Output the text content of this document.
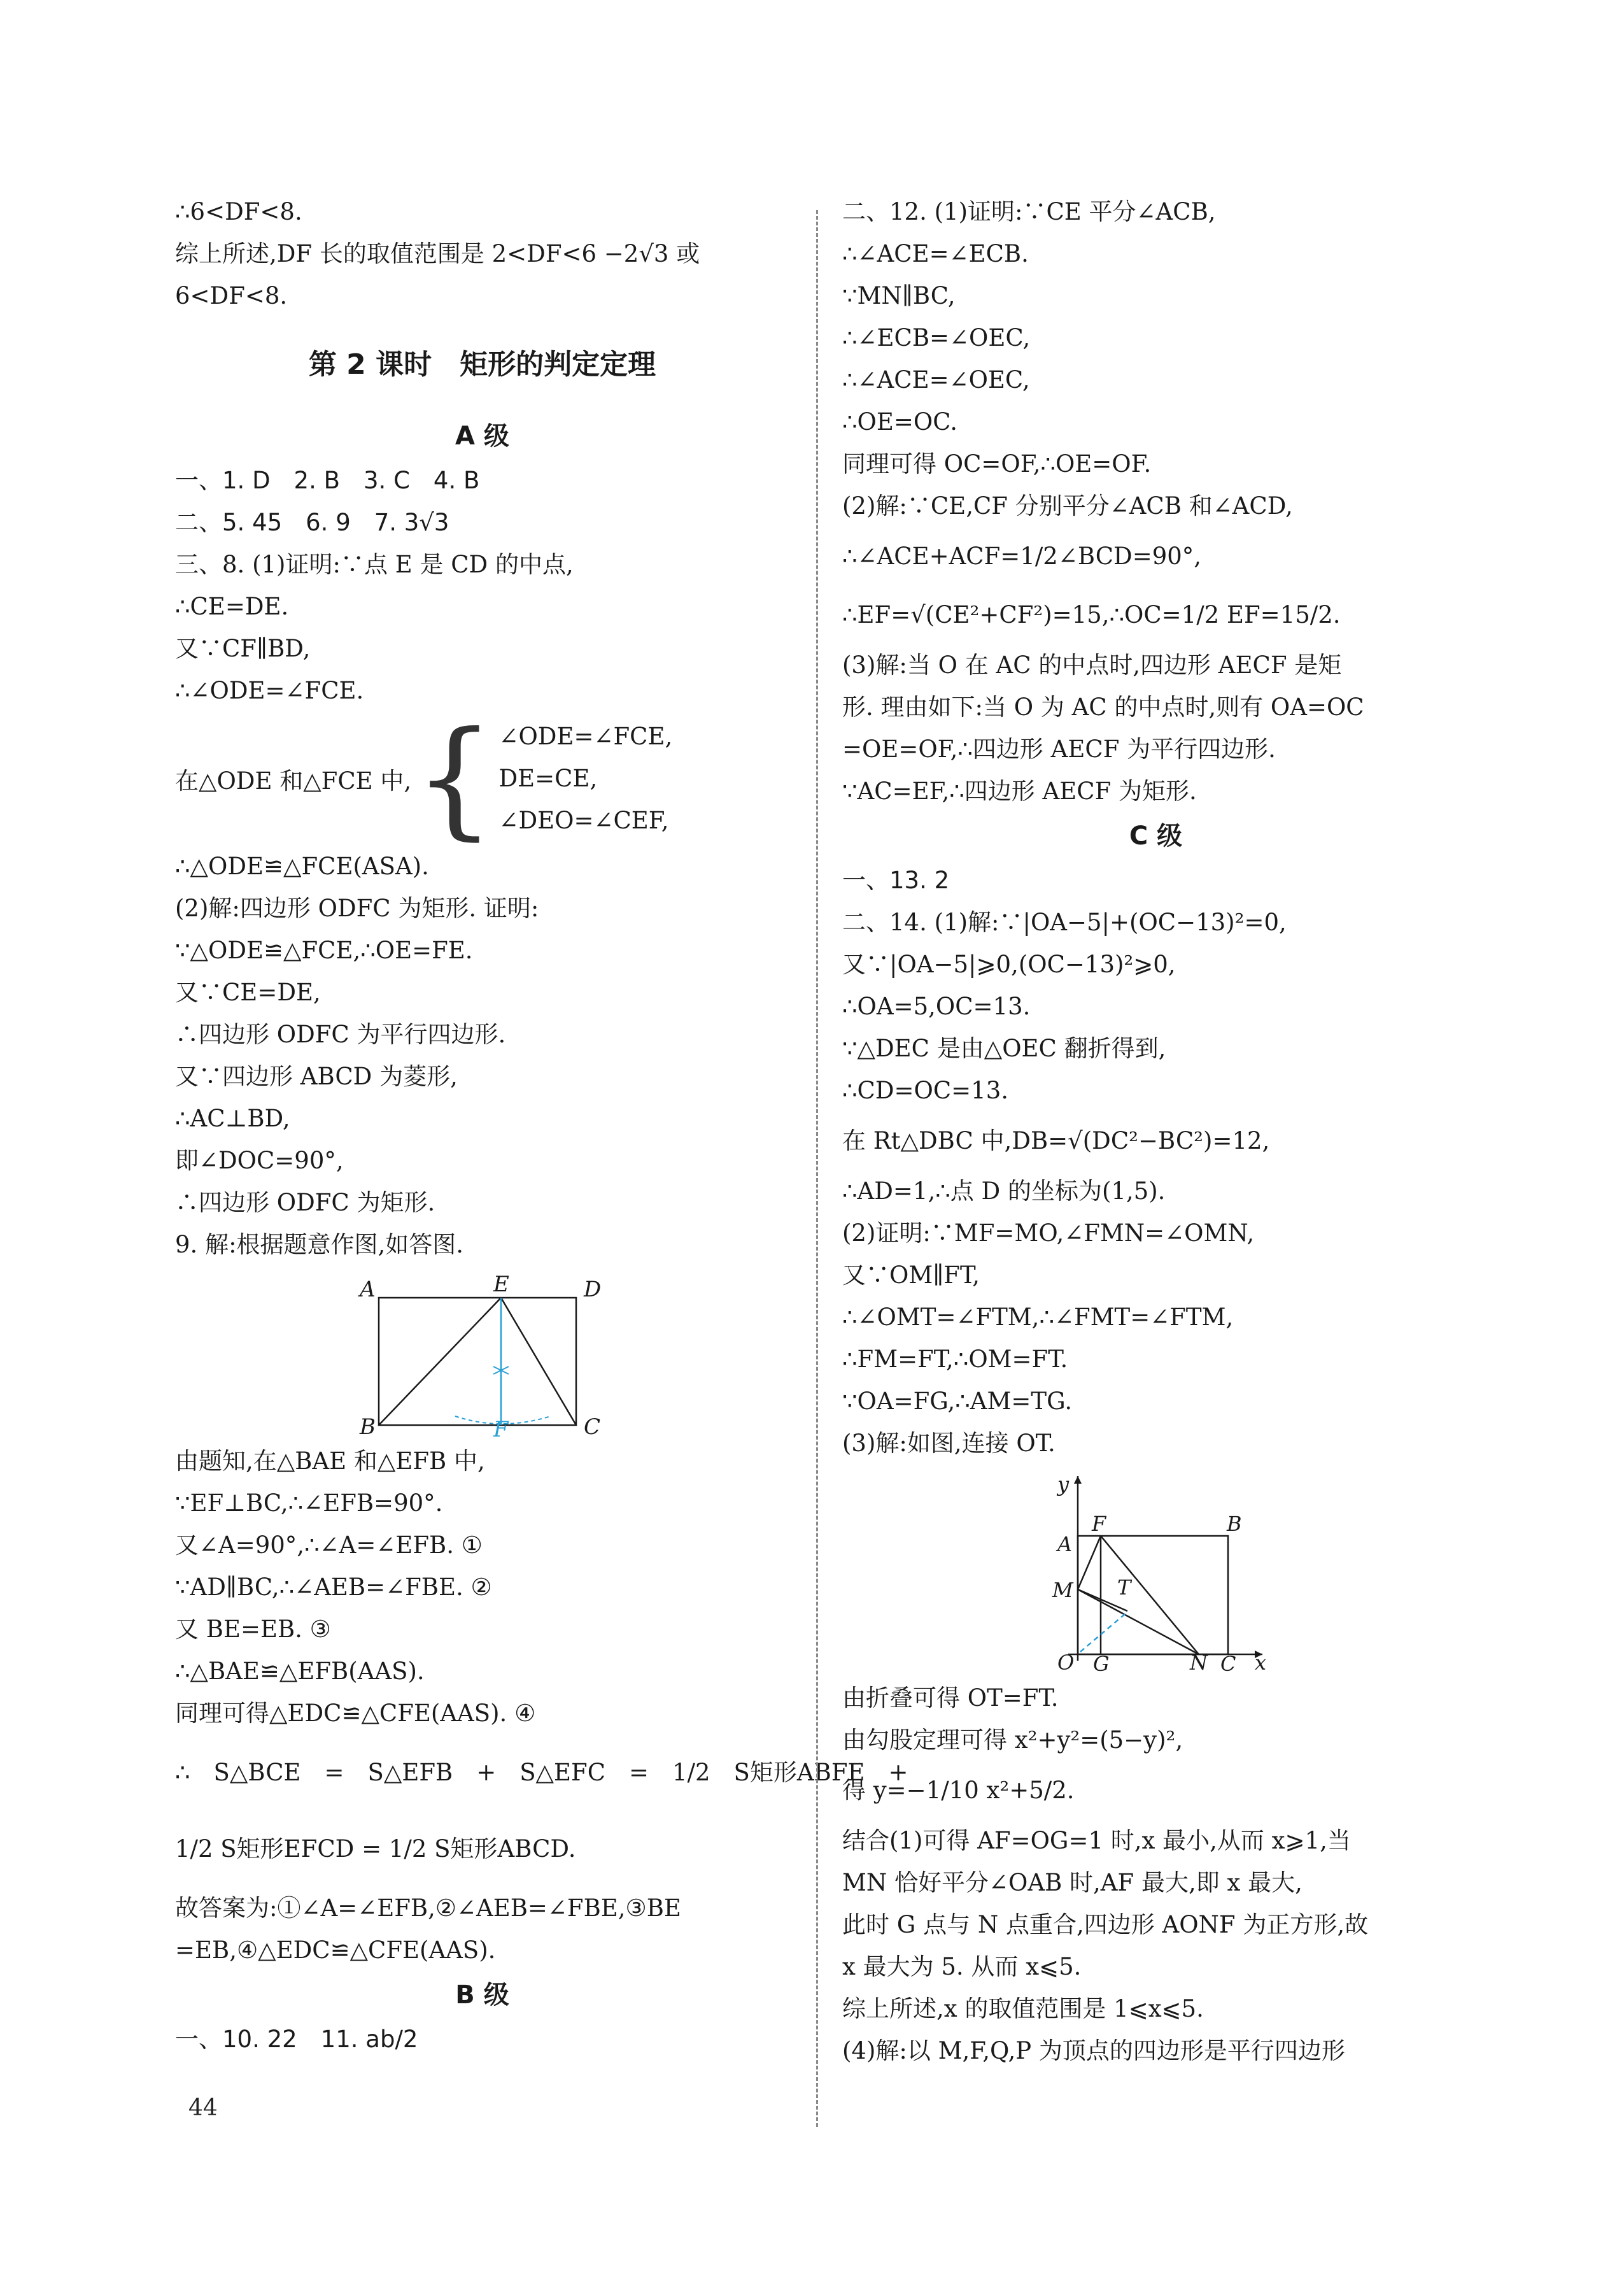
∴6<DF<8.
综上所述,DF 长的取值范围是 2<DF<6 −2√3 或
6<DF<8.
第 2 课时　矩形的判定定理
A 级
一、1. D　2. B　3. C　4. B
二、5. 45　6. 9　7. 3√3
三、8. (1)证明:∵点 E 是 CD 的中点,
∴CE=DE.
又∵CF∥BD,
∴∠ODE=∠FCE.
在△ODE 和△FCE 中, { ∠ODE=∠FCE,
DE=CE,
∠DEO=∠CEF,
∴△ODE≌△FCE(ASA).
(2)解:四边形 ODFC 为矩形. 证明:
∵△ODE≌△FCE,∴OE=FE.
又∵CE=DE,
∴四边形 ODFC 为平行四边形.
又∵四边形 ABCD 为菱形,
∴AC⊥BD,
即∠DOC=90°,
∴四边形 ODFC 为矩形.
9. 解:根据题意作图,如答图.
A	E	D
B	F	C
由题知,在△BAE 和△EFB 中,
∵EF⊥BC,∴∠EFB=90°.
又∠A=90°,∴∠A=∠EFB. ①
∵AD∥BC,∴∠AEB=∠FBE. ②
又 BE=EB. ③
∴△BAE≌△EFB(AAS).
同理可得△EDC≌△CFE(AAS). ④
∴　S△BCE　=　S△EFB　+　S△EFC　=　1/2　S矩形ABFE　+
1/2 S矩形EFCD = 1/2 S矩形ABCD.
故答案为:①∠A=∠EFB,②∠AEB=∠FBE,③BE
=EB,④△EDC≌△CFE(AAS).
B 级
一、10. 22　11. ab/2
二、12. (1)证明:∵CE 平分∠ACB,
∴∠ACE=∠ECB.
∵MN∥BC,
∴∠ECB=∠OEC,
∴∠ACE=∠OEC,
∴OE=OC.
同理可得 OC=OF,∴OE=OF.
(2)解:∵CE,CF 分别平分∠ACB 和∠ACD,
∴∠ACE+ACF=1/2∠BCD=90°,
∴EF=√(CE²+CF²)=15,∴OC=1/2 EF=15/2.
(3)解:当 O 在 AC 的中点时,四边形 AECF 是矩
形. 理由如下:当 O 为 AC 的中点时,则有 OA=OC
=OE=OF,∴四边形 AECF 为平行四边形.
∵AC=EF,∴四边形 AECF 为矩形.
C 级
一、13. 2
二、14. (1)解:∵|OA−5|+(OC−13)²=0,
又∵|OA−5|⩾0,(OC−13)²⩾0,
∴OA=5,OC=13.
∵△DEC 是由△OEC 翻折得到,
∴CD=OC=13.
在 Rt△DBC 中,DB=√(DC²−BC²)=12,
∴AD=1,∴点 D 的坐标为(1,5).
(2)证明:∵MF=MO,∠FMN=∠OMN,
又∵OM∥FT,
∴∠OMT=∠FTM,∴∠FMT=∠FTM,
∴FM=FT,∴OM=FT.
∵OA=FG,∴AM=TG.
(3)解:如图,连接 OT.
y
F	B
A
M T
O G	N C x
由折叠可得 OT=FT.
由勾股定理可得 x²+y²=(5−y)²,
得 y=−1/10 x²+5/2.
结合(1)可得 AF=OG=1 时,x 最小,从而 x⩾1,当
MN 恰好平分∠OAB 时,AF 最大,即 x 最大,
此时 G 点与 N 点重合,四边形 AONF 为正方形,故
x 最大为 5. 从而 x⩽5.
综上所述,x 的取值范围是 1⩽x⩽5.
(4)解:以 M,F,Q,P 为顶点的四边形是平行四边形
44
